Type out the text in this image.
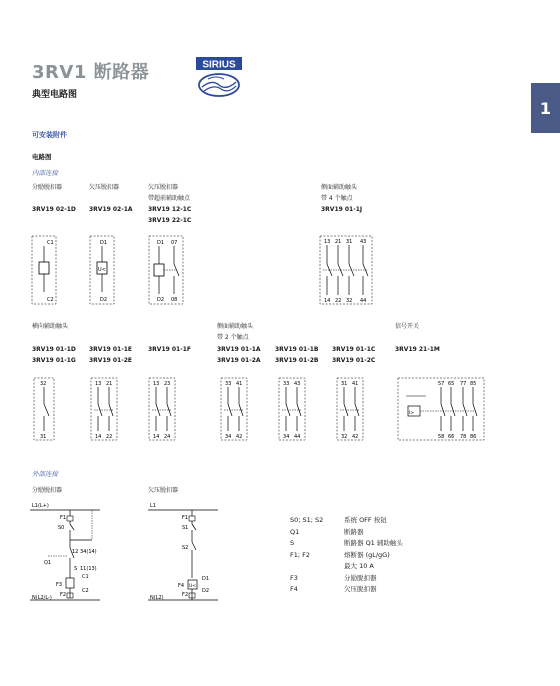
3RV1 断路器
典型电路图
SIRIUS
1
可安装附件
电路图
内部连接
分励脱扣器
3RV19 02-1D
欠压脱扣器
3RV19 02-1A
欠压脱扣器
带超前辅助触点
3RV19 12-1C
3RV19 22-1C
侧面辅助触头
带 4 个触点
3RV19 01-1J
C1
C2
D1
U<
D2
D1 07
D2 08
13 21 31 43
14 22 32 44
横向辅助触头
3RV19 01-1D
3RV19 01-1G
3RV19 01-1E
3RV19 01-2E
3RV19 01-1F
侧面辅助触头
带 2 个触点
3RV19 01-1A
3RV19 01-2A
3RV19 01-1B
3RV19 01-2B
3RV19 01-1C
3RV19 01-2C
信号开关
3RV19 21-1M
32
31
13 21
14 22
13 23
14 24
33 41
34 42
33 43
34 44
31 41
32 42
I>
57 65 77 85
58 66 78 86
外部连接
分励脱扣器	欠压脱扣器
L1(L+)
F1
S0
12 34(14)
Q1
S 11(13)
C1
F3
C2
F2
N(L2/L-)
L1
F1
S1
S2
D1
U<
F4
D2
F2
N(L2)
S0; S1; S2	系统 OFF 按钮
Q1	断路器
S	断路器 Q1 辅助触头
F1; F2	熔断器 (gL/gG)
最大 10 A
F3	分励脱扣器
F4	欠压脱扣器
